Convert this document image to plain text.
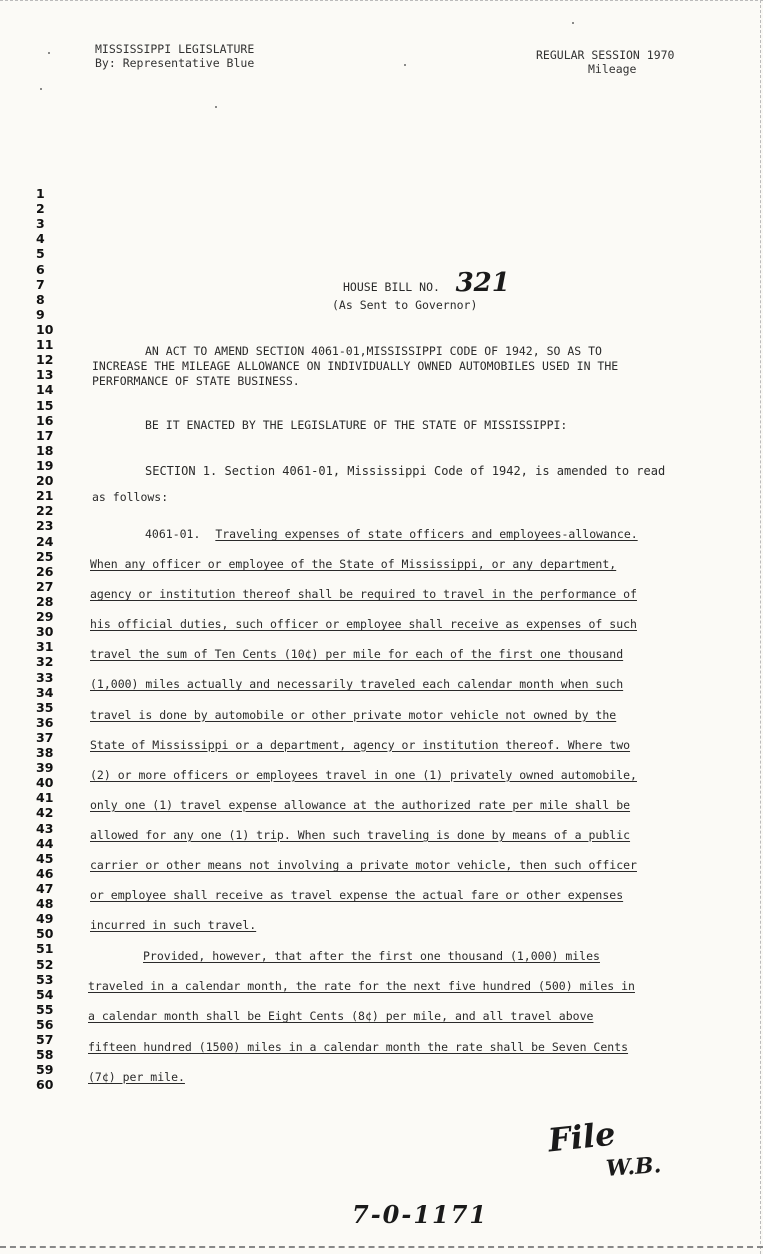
MISSISSIPPI LEGISLATURE
By: Representative Blue
REGULAR SESSION 1970
Mileage
1
2
3
4
5
6
7
8
9
10
11
12
13
14
15
16
17
18
19
20
21
22
23
24
25
26
27
28
29
30
31
32
33
34
35
36
37
38
39
40
41
42
43
44
45
46
47
48
49
50
51
52
53
54
55
56
57
58
59
60
HOUSE BILL NO. 321
(As Sent to Governor)
AN ACT TO AMEND SECTION 4061-01,MISSISSIPPI CODE OF 1942, SO AS TO
INCREASE THE MILEAGE ALLOWANCE ON INDIVIDUALLY OWNED AUTOMOBILES USED IN THE
PERFORMANCE OF STATE BUSINESS.
BE IT ENACTED BY THE LEGISLATURE OF THE STATE OF MISSISSIPPI:
SECTION 1. Section 4061-01, Mississippi Code of 1942, is amended to read
as follows:
4061-01. Traveling expenses of state officers and employees-allowance.
When any officer or employee of the State of Mississippi, or any department,
agency or institution thereof shall be required to travel in the performance of
his official duties, such officer or employee shall receive as expenses of such
travel the sum of Ten Cents (10¢) per mile for each of the first one thousand
(1,000) miles actually and necessarily traveled each calendar month when such
travel is done by automobile or other private motor vehicle not owned by the
State of Mississippi or a department, agency or institution thereof. Where two
(2) or more officers or employees travel in one (1) privately owned automobile,
only one (1) travel expense allowance at the authorized rate per mile shall be
allowed for any one (1) trip. When such traveling is done by means of a public
carrier or other means not involving a private motor vehicle, then such officer
or employee shall receive as travel expense the actual fare or other expenses
incurred in such travel.
Provided, however, that after the first one thousand (1,000) miles
traveled in a calendar month, the rate for the next five hundred (500) miles in
a calendar month shall be Eight Cents (8¢) per mile, and all travel above
fifteen hundred (1500) miles in a calendar month the rate shall be Seven Cents
(7¢) per mile.
File
W.B.
7-0-1171
